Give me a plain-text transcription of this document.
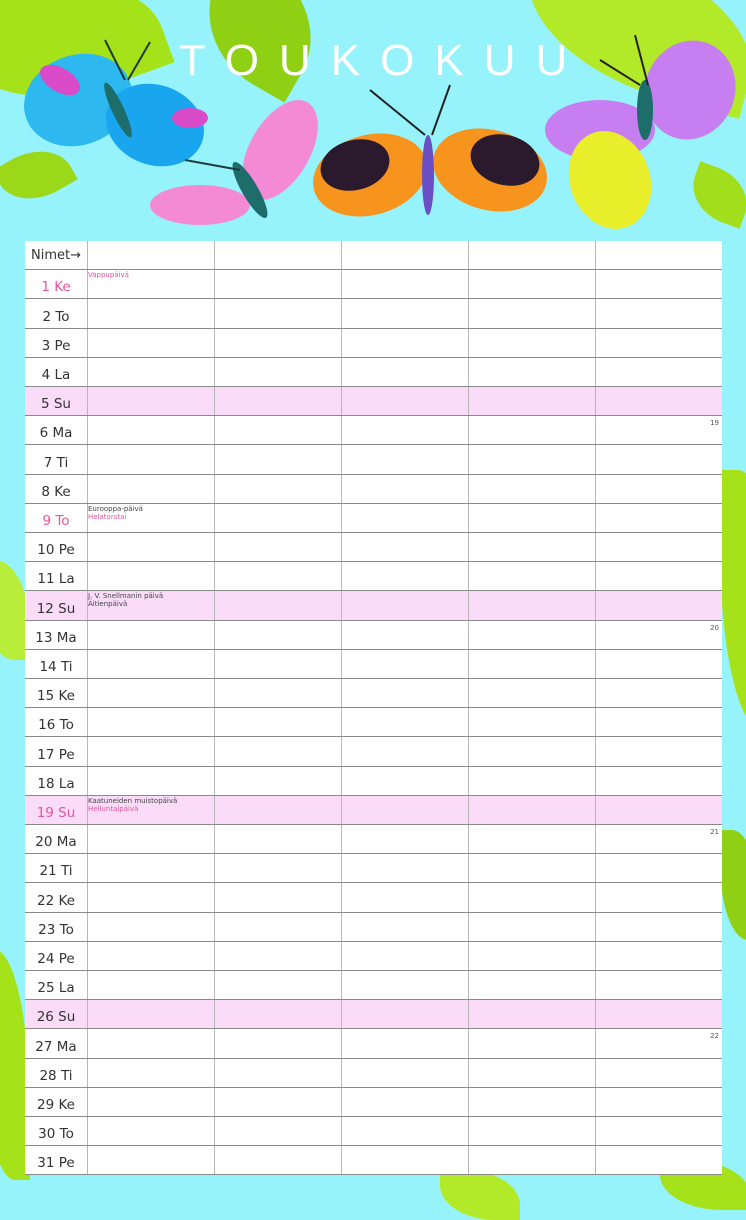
TOUKOKUU
Nimet→
1 Ke
Vappupäivä
2 To
3 Pe
4 La
5 Su
6 Ma
19
7 Ti
8 Ke
9 To
Eurooppa-päivä
Helatorstai
10 Pe
11 La
12 Su
J. V. Snellmanin päivä
Äitienpäivä
13 Ma
20
14 Ti
15 Ke
16 To
17 Pe
18 La
19 Su
Kaatuneiden muistopäivä
Helluntaipäivä
20 Ma
21
21 Ti
22 Ke
23 To
24 Pe
25 La
26 Su
27 Ma
22
28 Ti
29 Ke
30 To
31 Pe
